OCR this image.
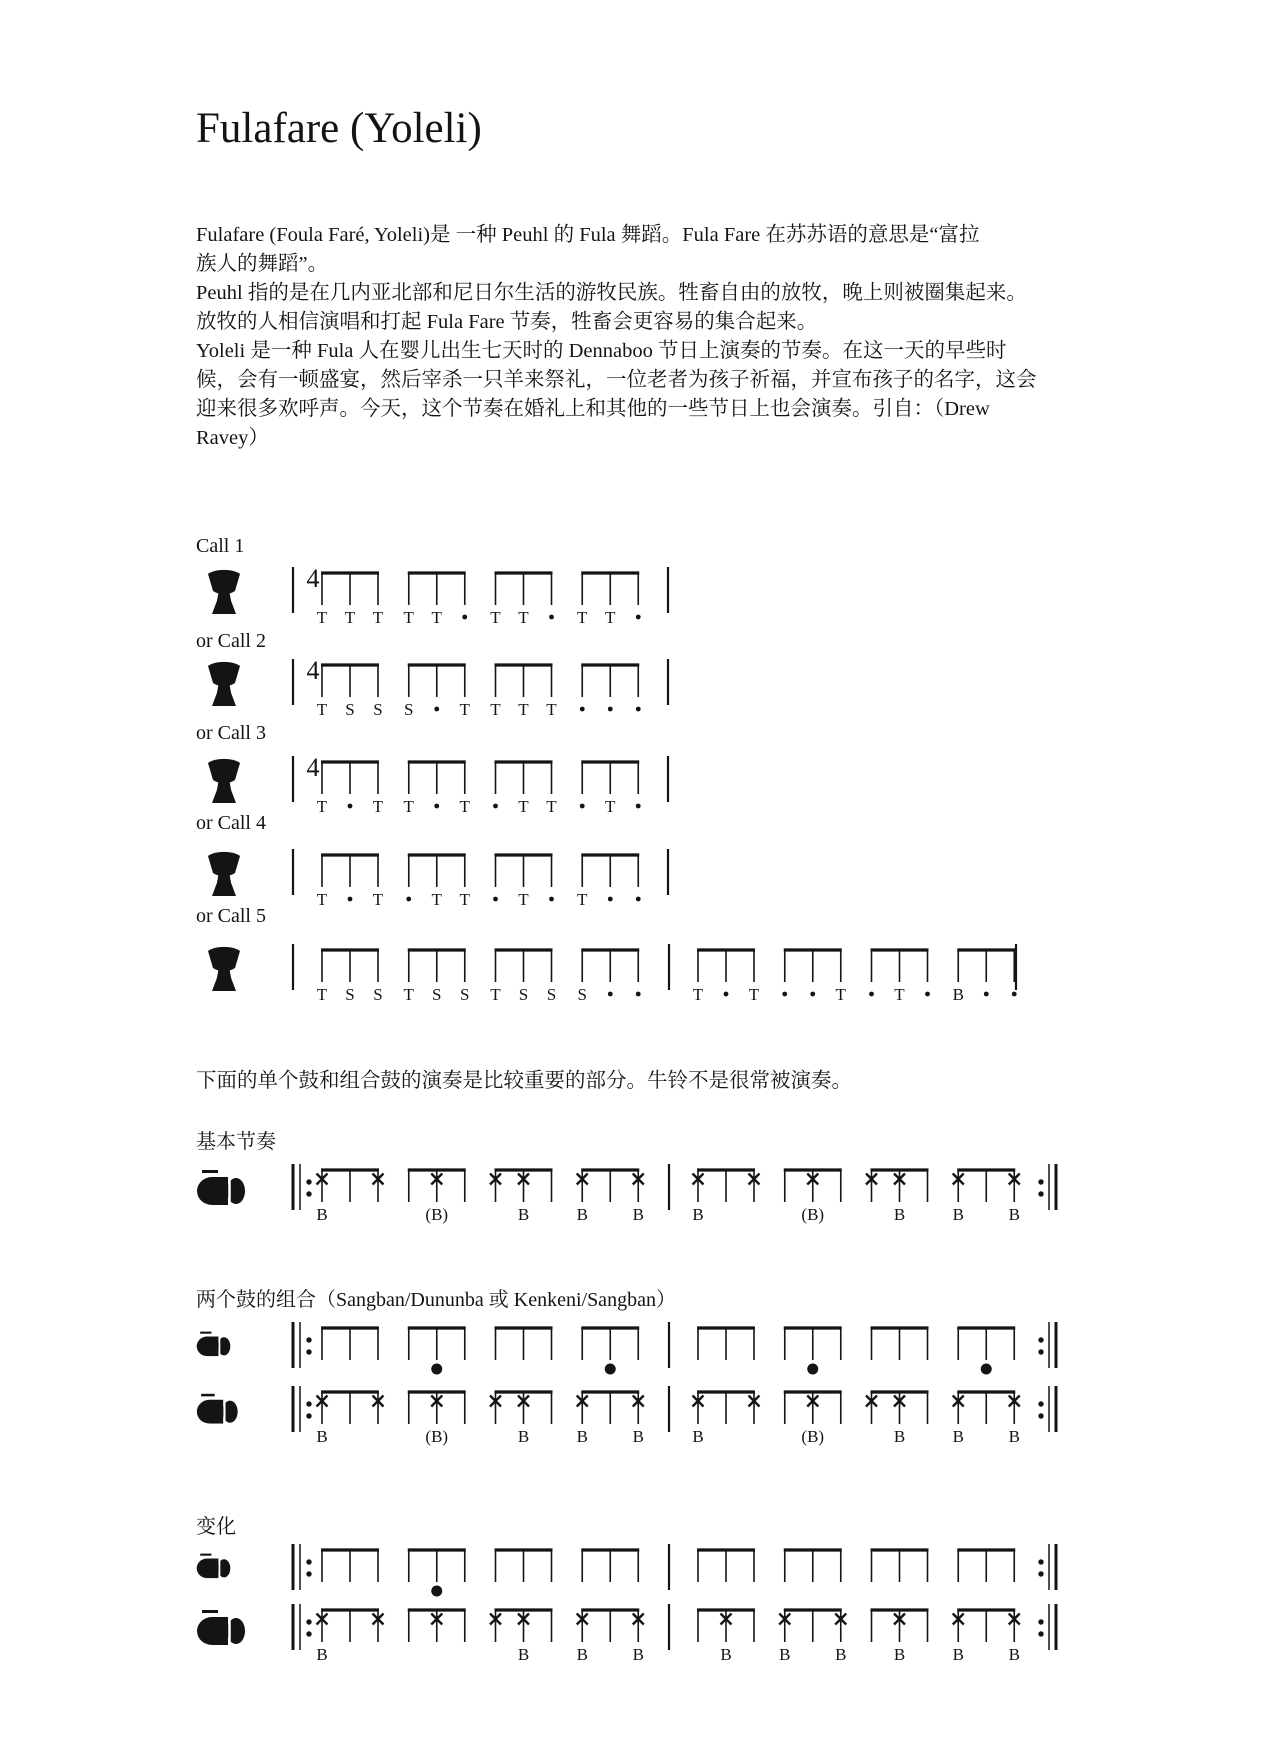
Fulafare (Yoleli)
Fulafare (Foula Faré, Yoleli)是 一种 Peuhl 的 Fula 舞蹈。Fula Fare 在苏苏语的意思是“富拉
族人的舞蹈”。
Peuhl 指的是在几内亚北部和尼日尔生活的游牧民族。牲畜自由的放牧，晚上则被圈集起来。
放牧的人相信演唱和打起 Fula Fare 节奏，牲畜会更容易的集合起来。
Yoleli 是一种 Fula 人在婴儿出生七天时的 Dennaboo 节日上演奏的节奏。在这一天的早些时
候，会有一顿盛宴，然后宰杀一只羊来祭礼，一位老者为孩子祈福，并宣布孩子的名字，这会
迎来很多欢呼声。今天，这个节奏在婚礼上和其他的一些节日上也会演奏。引自：（Drew
Ravey）
Call 1
4
T T T T T	T T	T T
or Call 2
4
T S S S	T T T T
or Call 3
4
T	T T	T	T T	T
or Call 4
T	T	T T	T	T
or Call 5
T S S T S S T S S S	T	T	T	T	B
下面的单个鼓和组合鼓的演奏是比较重要的部分。牛铃不是很常被演奏。
基本节奏
B	(B)	B	B	B	B	(B)	B	B	B
两个鼓的组合（Sangban/Dununba 或 Kenkeni/Sangban）
B	(B)	B	B	B	B	(B)	B	B	B
变化
B	B	B	B	B	B	B	B	B	B
